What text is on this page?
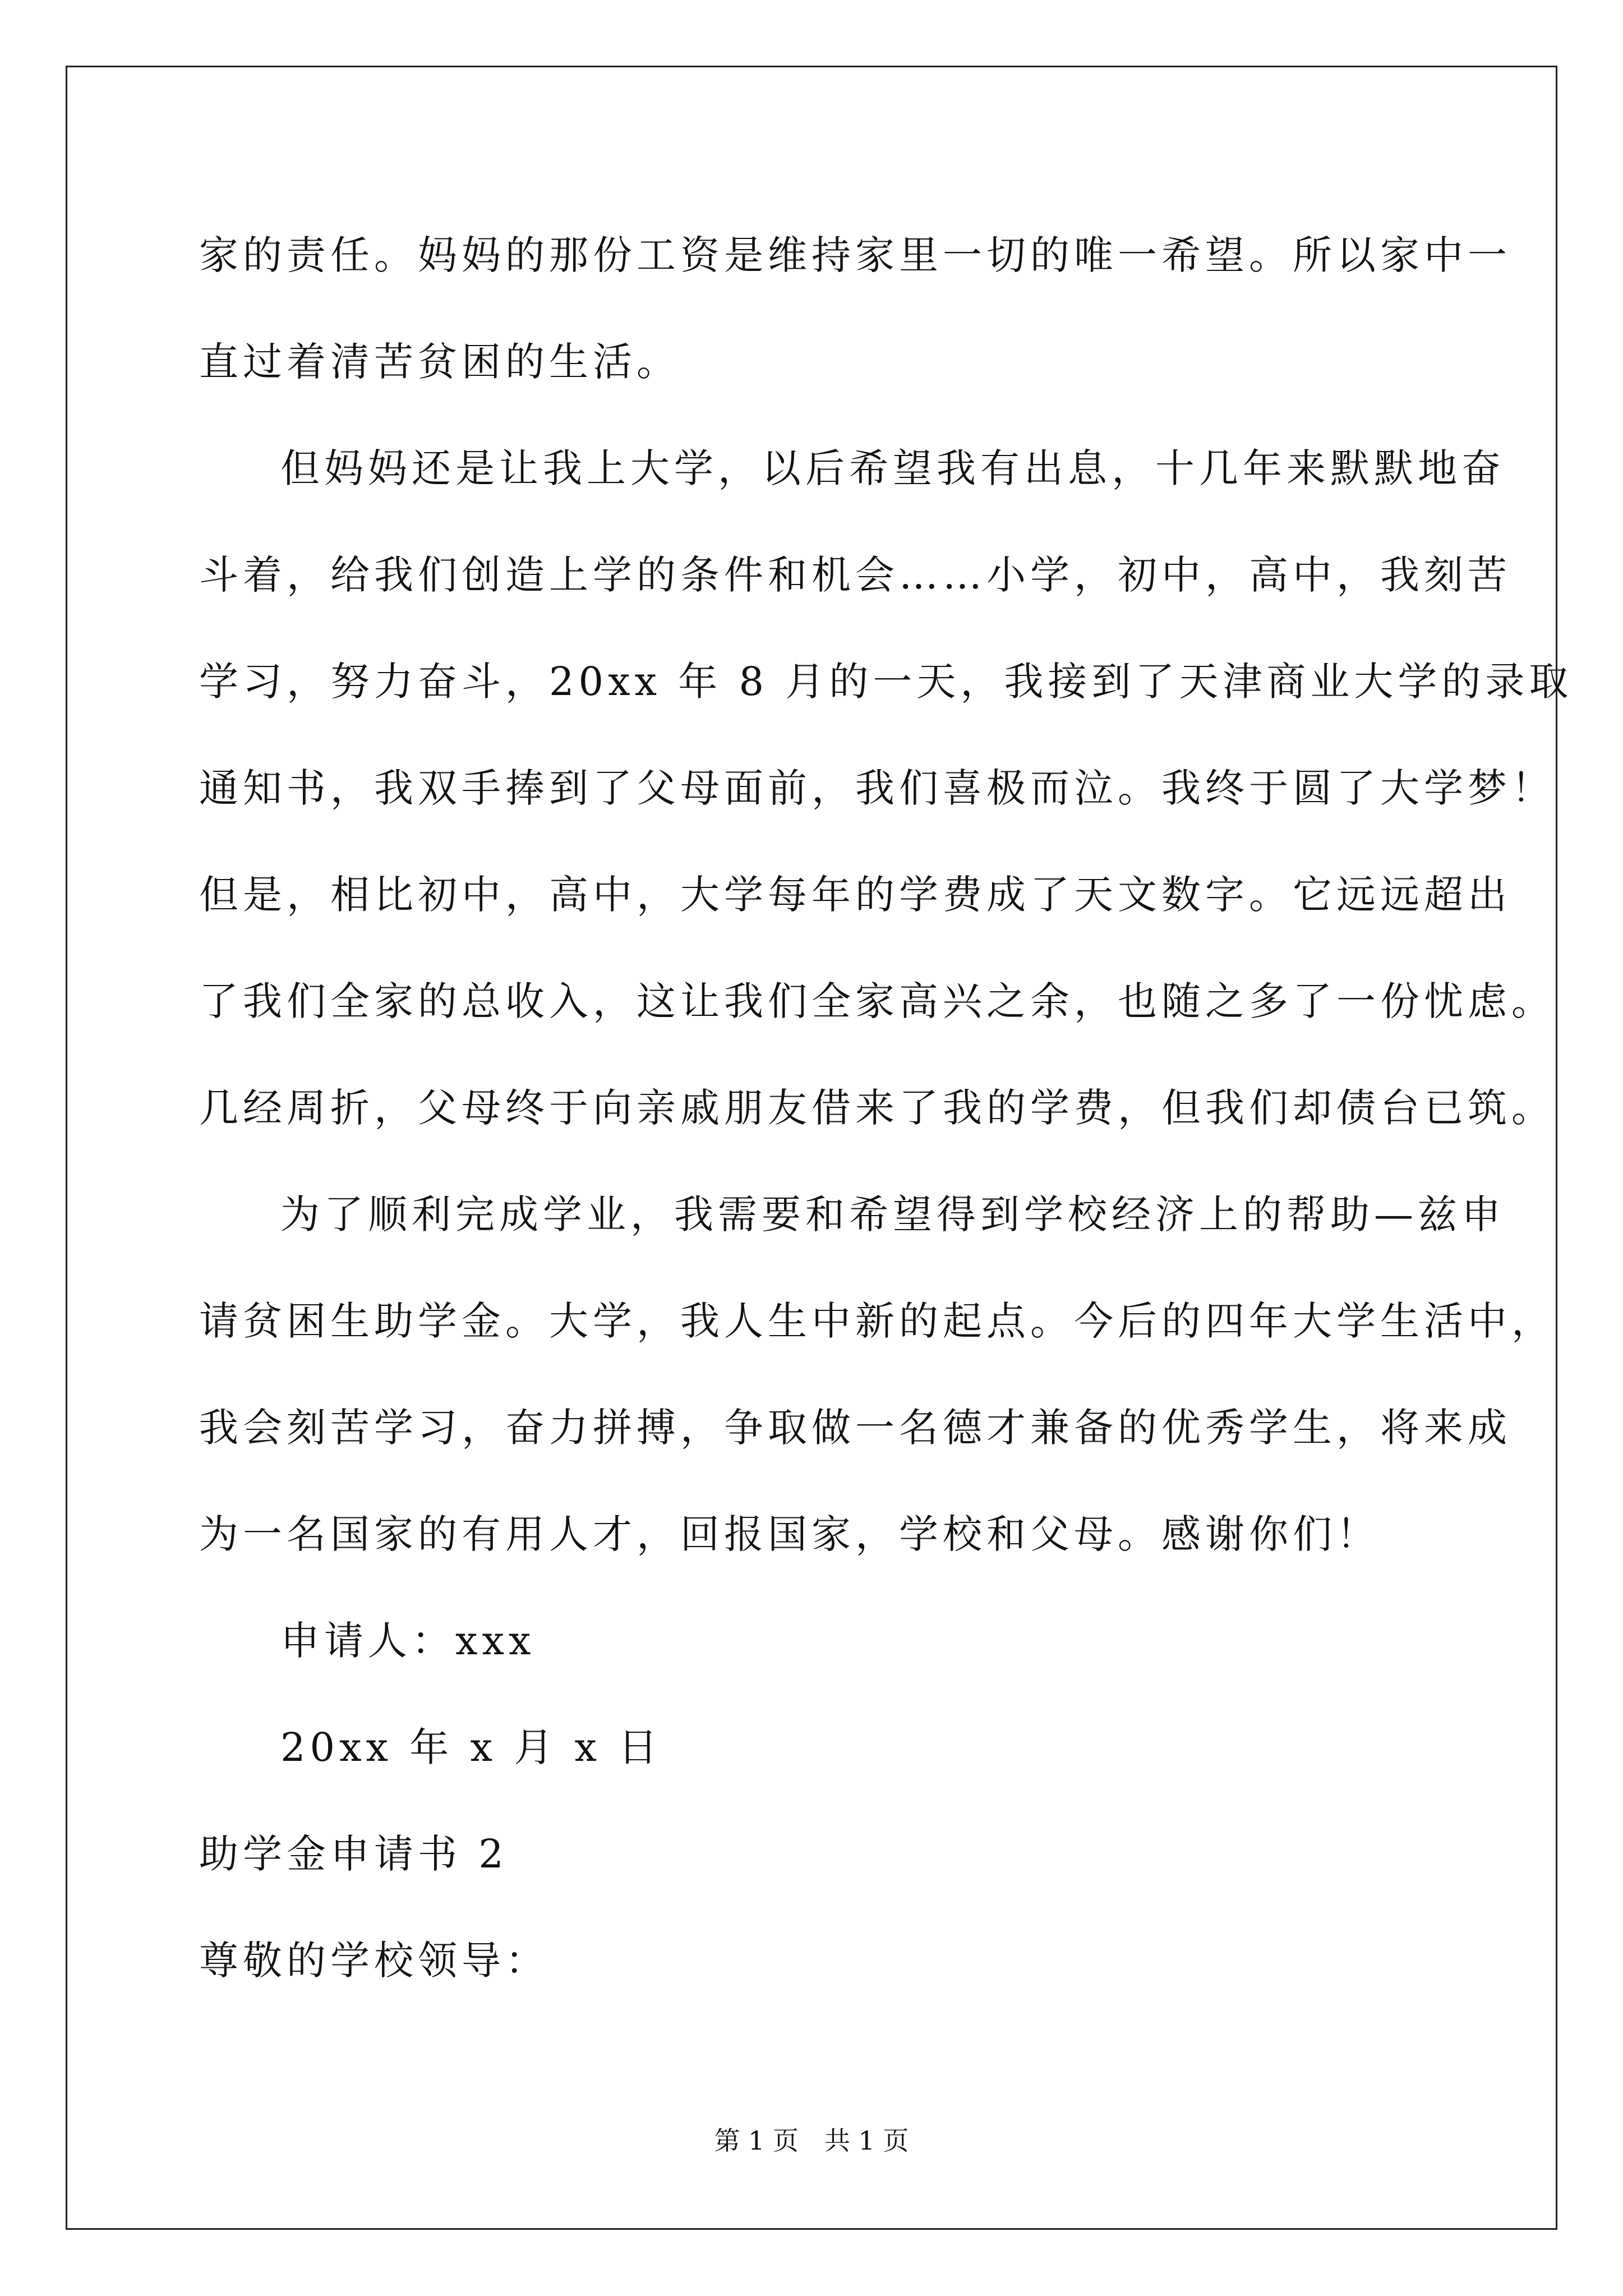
家的责任。妈妈的那份工资是维持家里一切的唯一希望。所以家中一
直过着清苦贫困的生活。
但妈妈还是让我上大学，以后希望我有出息，十几年来默默地奋
斗着，给我们创造上学的条件和机会……小学，初中，高中，我刻苦
学习，努力奋斗，20xx 年 8 月的一天，我接到了天津商业大学的录取
通知书，我双手捧到了父母面前，我们喜极而泣。我终于圆了大学梦！
但是，相比初中，高中，大学每年的学费成了天文数字。它远远超出
了我们全家的总收入，这让我们全家高兴之余，也随之多了一份忧虑。
几经周折，父母终于向亲戚朋友借来了我的学费，但我们却债台已筑。
为了顺利完成学业，我需要和希望得到学校经济上的帮助—兹申
请贫困生助学金。大学，我人生中新的起点。今后的四年大学生活中，
我会刻苦学习，奋力拼搏，争取做一名德才兼备的优秀学生，将来成
为一名国家的有用人才，回报国家，学校和父母。感谢你们！
申请人：xxx
20xx 年 x 月 x 日
助学金申请书 2
尊敬的学校领导：
第 1 页　共 1 页
